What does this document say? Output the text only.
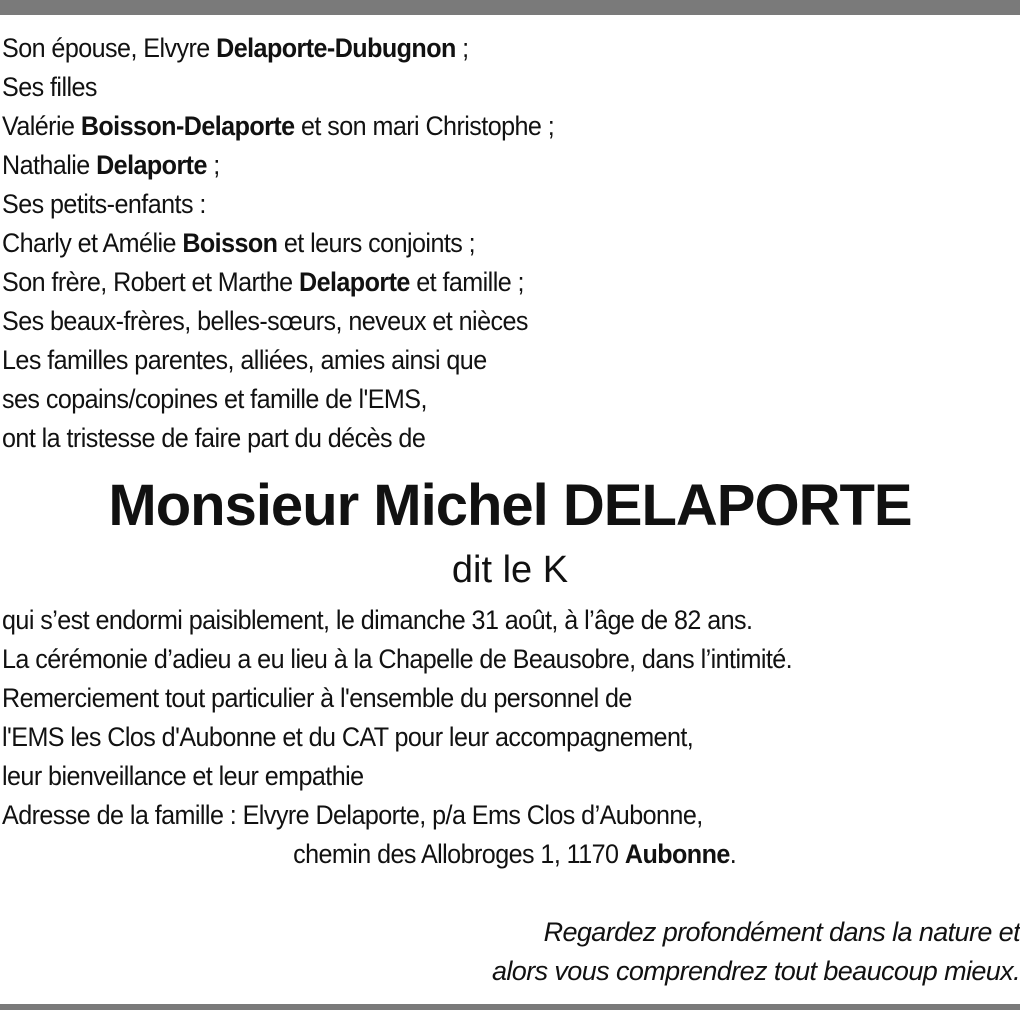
Son épouse, Elvyre Delaporte-Dubugnon ;
Ses filles
Valérie Boisson-Delaporte et son mari Christophe ;
Nathalie Delaporte ;
Ses petits-enfants :
Charly et Amélie Boisson et leurs conjoints ;
Son frère, Robert et Marthe Delaporte et famille ;
Ses beaux-frères, belles-sœurs, neveux et nièces
Les familles parentes, alliées, amies ainsi que
ses copains/copines et famille de l'EMS,
ont la tristesse de faire part du décès de
Monsieur Michel DELAPORTE
dit le K
qui s’est endormi paisiblement, le dimanche 31 août, à l’âge de 82 ans.
La cérémonie d’adieu a eu lieu à la Chapelle de Beausobre, dans l’intimité.
Remerciement tout particulier à l'ensemble du personnel de
l'EMS les Clos d'Aubonne et du CAT pour leur accompagnement,
leur bienveillance et leur empathie
Adresse de la famille : Elvyre Delaporte, p/a Ems Clos d’Aubonne,
chemin des Allobroges 1, 1170 Aubonne.
Regardez profondément dans la nature et
alors vous comprendrez tout beaucoup mieux.
